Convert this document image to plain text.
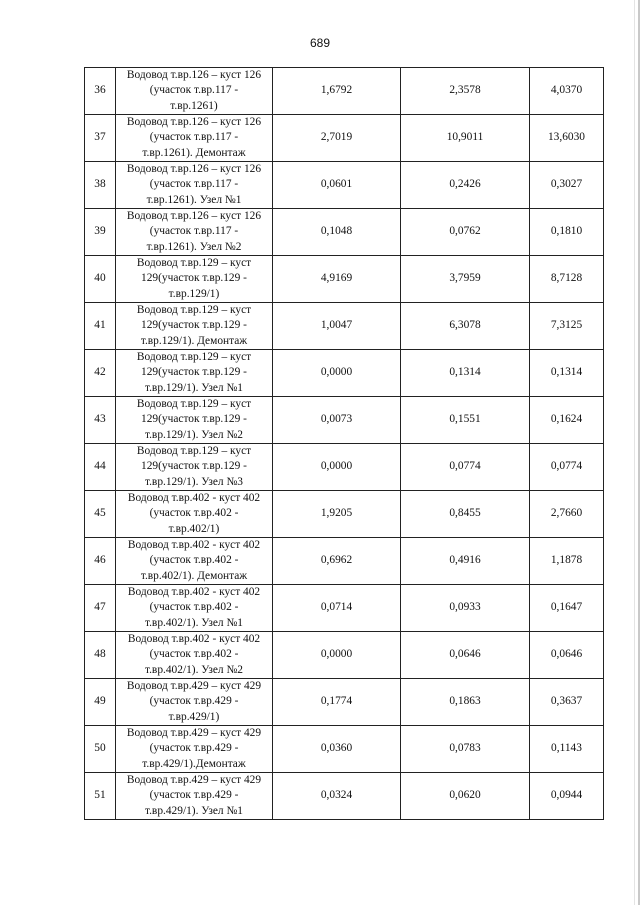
689
36	Водовод т.вр.126 – куст 126
(участок т.вр.117 -
т.вр.1261)	1,6792	2,3578	4,0370
37	Водовод т.вр.126 – куст 126
(участок т.вр.117 -
т.вр.1261). Демонтаж	2,7019	10,9011	13,6030
38	Водовод т.вр.126 – куст 126
(участок т.вр.117 -
т.вр.1261). Узел №1	0,0601	0,2426	0,3027
39	Водовод т.вр.126 – куст 126
(участок т.вр.117 -
т.вр.1261). Узел №2	0,1048	0,0762	0,1810
40	Водовод т.вр.129 – куст
129(участок т.вр.129 -
т.вр.129/1)	4,9169	3,7959	8,7128
41	Водовод т.вр.129 – куст
129(участок т.вр.129 -
т.вр.129/1). Демонтаж	1,0047	6,3078	7,3125
42	Водовод т.вр.129 – куст
129(участок т.вр.129 -
т.вр.129/1). Узел №1	0,0000	0,1314	0,1314
43	Водовод т.вр.129 – куст
129(участок т.вр.129 -
т.вр.129/1). Узел №2	0,0073	0,1551	0,1624
44	Водовод т.вр.129 – куст
129(участок т.вр.129 -
т.вр.129/1). Узел №3	0,0000	0,0774	0,0774
45	Водовод т.вр.402 - куст 402
(участок т.вр.402 -
т.вр.402/1)	1,9205	0,8455	2,7660
46	Водовод т.вр.402 - куст 402
(участок т.вр.402 -
т.вр.402/1). Демонтаж	0,6962	0,4916	1,1878
47	Водовод т.вр.402 - куст 402
(участок т.вр.402 -
т.вр.402/1). Узел №1	0,0714	0,0933	0,1647
48	Водовод т.вр.402 - куст 402
(участок т.вр.402 -
т.вр.402/1). Узел №2	0,0000	0,0646	0,0646
49	Водовод т.вр.429 – куст 429
(участок т.вр.429 -
т.вр.429/1)	0,1774	0,1863	0,3637
50	Водовод т.вр.429 – куст 429
(участок т.вр.429 -
т.вр.429/1).Демонтаж	0,0360	0,0783	0,1143
51	Водовод т.вр.429 – куст 429
(участок т.вр.429 -
т.вр.429/1). Узел №1	0,0324	0,0620	0,0944
